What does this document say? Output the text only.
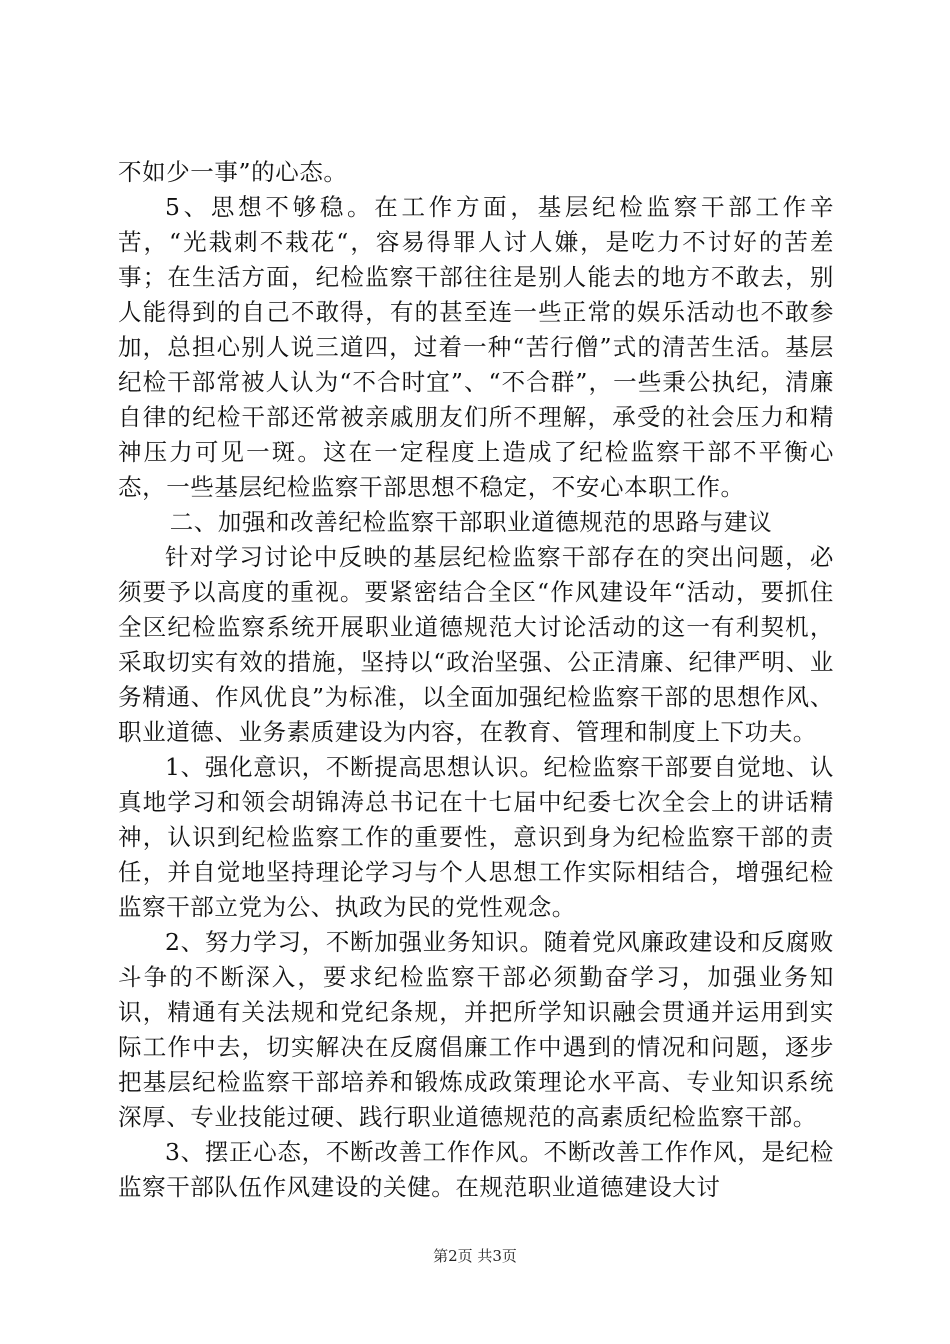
不如少一事”的心态。

5、思想不够稳。在工作方面，基层纪检监察干部工作辛苦，“光栽刺不栽花“，容易得罪人讨人嫌，是吃力不讨好的苦差事；在生活方面，纪检监察干部往往是别人能去的地方不敢去，别人能得到的自己不敢得，有的甚至连一些正常的娱乐活动也不敢参加，总担心别人说三道四，过着一种“苦行僧”式的清苦生活。基层纪检干部常被人认为“不合时宜”、“不合群”，一些秉公执纪，清廉自律的纪检干部还常被亲戚朋友们所不理解，承受的社会压力和精神压力可见一斑。这在一定程度上造成了纪检监察干部不平衡心态，一些基层纪检监察干部思想不稳定，不安心本职工作。

二、加强和改善纪检监察干部职业道德规范的思路与建议

针对学习讨论中反映的基层纪检监察干部存在的突出问题，必须要予以高度的重视。要紧密结合全区“作风建设年“活动，要抓住全区纪检监察系统开展职业道德规范大讨论活动的这一有利契机，采取切实有效的措施，坚持以“政治坚强、公正清廉、纪律严明、业务精通、作风优良”为标准，以全面加强纪检监察干部的思想作风、职业道德、业务素质建设为内容，在教育、管理和制度上下功夫。

1、强化意识，不断提高思想认识。纪检监察干部要自觉地、认真地学习和领会胡锦涛总书记在十七届中纪委七次全会上的讲话精神，认识到纪检监察工作的重要性，意识到身为纪检监察干部的责任，并自觉地坚持理论学习与个人思想工作实际相结合，增强纪检监察干部立党为公、执政为民的党性观念。

2、努力学习，不断加强业务知识。随着党风廉政建设和反腐败斗争的不断深入，要求纪检监察干部必须勤奋学习，加强业务知识，精通有关法规和党纪条规，并把所学知识融会贯通并运用到实际工作中去，切实解决在反腐倡廉工作中遇到的情况和问题，逐步把基层纪检监察干部培养和锻炼成政策理论水平高、专业知识系统深厚、专业技能过硬、践行职业道德规范的高素质纪检监察干部。

3、摆正心态，不断改善工作作风。不断改善工作作风，是纪检监察干部队伍作风建设的关健。在规范职业道德建设大讨

第2页 共3页
